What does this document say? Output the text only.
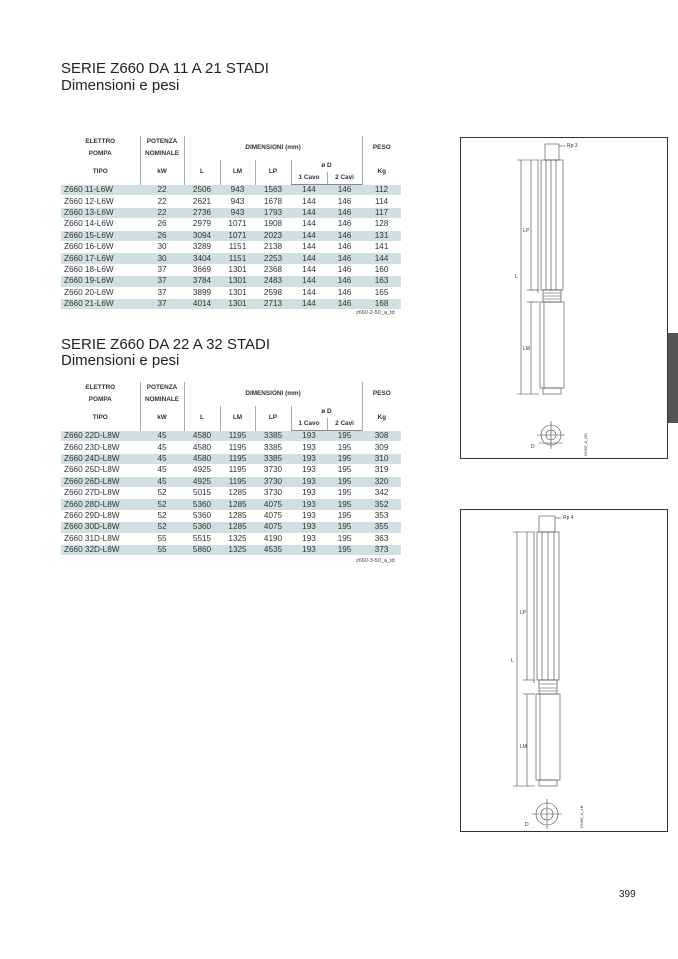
SERIE Z660 DA 11 A 21 STADI
Dimensioni e pesi
ELETTRO	POTENZA	DIMENSIONI (mm)					PESO
POMPA	NOMINALE						
TIPO	kW	L	LM	LP	ø D		Kg
					1 Cavo	2 Cavi	
Z660 11-L6W	22	2506	943	1563	144	146	112
Z660 12-L6W	22	2621	943	1678	144	146	114
Z660 13-L6W	22	2736	943	1793	144	146	117
Z660 14-L6W	26	2979	1071	1908	144	146	128
Z660 15-L6W	26	3094	1071	2023	144	146	131
Z660 16-L6W	30	3289	1151	2138	144	146	141
Z660 17-L6W	30	3404	1151	2253	144	146	144
Z660 18-L6W	37	3669	1301	2368	144	146	160
Z660 19-L6W	37	3784	1301	2483	144	146	163
Z660 20-L6W	37	3899	1301	2598	144	146	165
Z660 21-L6W	37	4014	1301	2713	144	146	168
z660-2-50_a_td
SERIE Z660 DA 22 A 32 STADI
Dimensioni e pesi
ELETTRO	POTENZA	DIMENSIONI (mm)					PESO
POMPA	NOMINALE						
TIPO	kW	L	LM	LP	ø D		Kg
					1 Cavo	2 Cavi	
Z660 22D-L8W	45	4580	1195	3385	193	195	308
Z660 23D-L8W	45	4580	1195	3385	193	195	309
Z660 24D-L8W	45	4580	1195	3385	193	195	310
Z660 25D-L8W	45	4925	1195	3730	193	195	319
Z660 26D-L8W	45	4925	1195	3730	193	195	320
Z660 27D-L8W	52	5015	1285	3730	193	195	342
Z660 28D-L8W	52	5360	1285	4075	193	195	352
Z660 29D-L8W	52	5360	1285	4075	193	195	353
Z660 30D-L8W	52	5360	1285	4075	193	195	355
Z660 31D-L8W	55	5515	1325	4190	193	195	363
Z660 32D-L8W	55	5860	1325	4535	193	195	373
z660-3-50_a_td
Rp 3
LP
L
LM
D	DN65_A_DD
Rp 4
LP
L
LM
D	DN65_A_1B
399
